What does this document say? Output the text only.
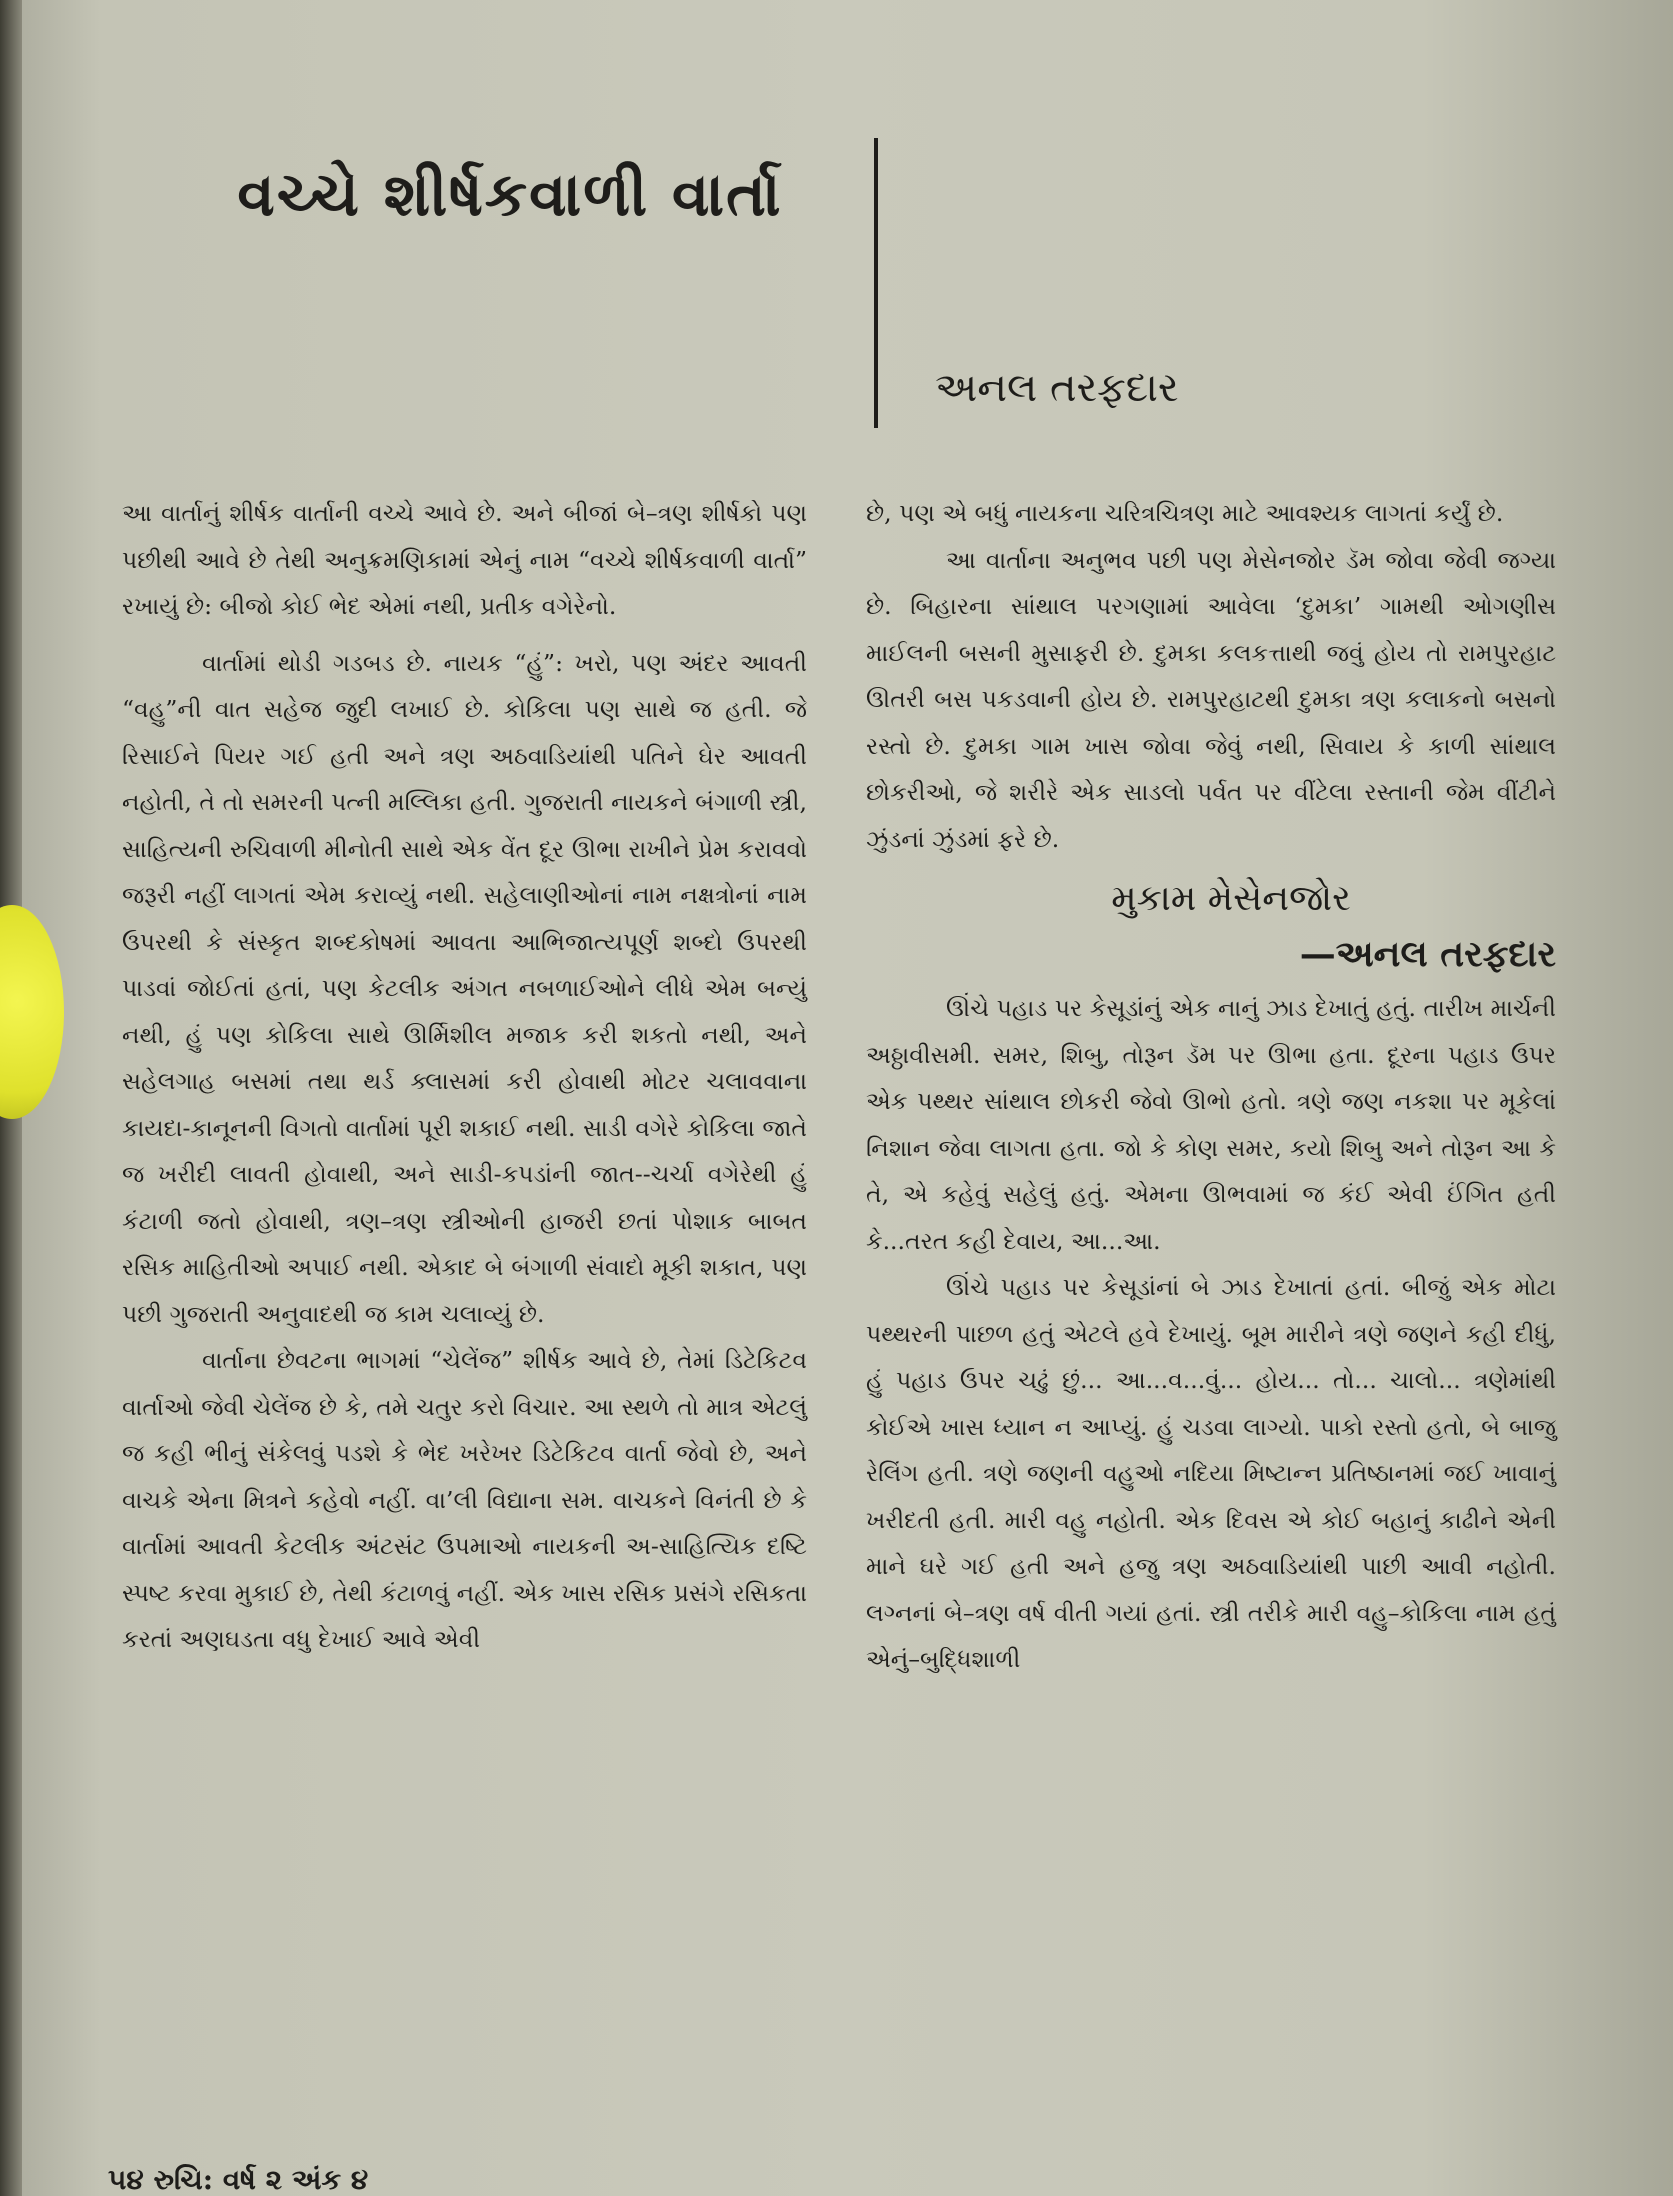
વચ્ચે શીર્ષકવાળી વાર્તા
અનલ તરફદાર

આ વાર્તાનું શીર્ષક વાર્તાની વચ્ચે આવે છે. અને બીજાં બે–ત્રણ શીર્ષકો પણ પછીથી આવે છે તેથી અનુક્રમણિકામાં એનું નામ “વચ્ચે શીર્ષકવાળી વાર્તા” રખાયું છે: બીજો કોઈ ભેદ એમાં નથી, પ્રતીક વગેરેનો.

વાર્તામાં થોડી ગડબડ છે. નાયક “હું”: ખરો, પણ અંદર આવતી “વહુ”ની વાત સહેજ જુદી લખાઈ છે. કોકિલા પણ સાથે જ હતી. જે રિસાઈને પિયર ગઈ હતી અને ત્રણ અઠવાડિયાંથી પતિને ઘેર આવતી નહોતી, તે તો સમરની પત્ની મલ્લિકા હતી. ગુજરાતી નાયકને બંગાળી સ્ત્રી, સાહિત્યની રુચિવાળી મીનોતી સાથે એક વેંત દૂર ઊભા રાખીને પ્રેમ કરાવવો જરૂરી નહીં લાગતાં એમ કરાવ્યું નથી. સહેલાણીઓનાં નામ નક્ષત્રોનાં નામ ઉપરથી કે સંસ્કૃત શબ્દકોષમાં આવતા આભિજાત્યપૂર્ણ શબ્દો ઉપરથી પાડવાં જોઈતાં હતાં, પણ કેટલીક અંગત નબળાઈઓને લીધે એમ બન્યું નથી, હું પણ કોકિલા સાથે ઊર્મિશીલ મજાક કરી શકતો નથી, અને સહેલગાહ બસમાં તથા થર્ડ ક્લાસમાં કરી હોવાથી મોટર ચલાવવાના કાયદા-કાનૂનની વિગતો વાર્તામાં પૂરી શકાઈ નથી. સાડી વગેરે કોકિલા જાતે જ ખરીદી લાવતી હોવાથી, અને સાડી-કપડાંની જાત--ચર્ચા વગેરેથી હું કંટાળી જતો હોવાથી, ત્રણ–ત્રણ સ્ત્રીઓની હાજરી છતાં પોશાક બાબત રસિક માહિતીઓ અપાઈ નથી. એકાદ બે બંગાળી સંવાદો મૂકી શકાત, પણ પછી ગુજરાતી અનુવાદથી જ કામ ચલાવ્યું છે.

વાર્તાના છેવટના ભાગમાં “ચેલેંજ” શીર્ષક આવે છે, તેમાં ડિટેકિટવ વાર્તાઓ જેવી ચેલેંજ છે કે, તમે ચતુર કરો વિચાર. આ સ્થળે તો માત્ર એટલું જ કહી ભીનું સંકેલવું પડશે કે ભેદ ખરેખર ડિટેકિટવ વાર્તા જેવો છે, અને વાચકે એના મિત્રને કહેવો નહીં. વા’લી વિદ્યાના સમ. વાચકને વિનંતી છે કે વાર્તામાં આવતી કેટલીક અંટસંટ ઉપમાઓ નાયકની અ-સાહિત્યિક દષ્ટિ સ્પષ્ટ કરવા મુકાઈ છે, તેથી કંટાળવું નહીં. એક ખાસ રસિક પ્રસંગે રસિકતા કરતાં અણઘડતા વધુ દેખાઈ આવે એવી

છે, પણ એ બધું નાયકના ચરિત્રચિત્રણ માટે આવશ્યક લાગતાં કર્યું છે.

આ વાર્તાના અનુભવ પછી પણ મેસેનજોર ડૅમ જોવા જેવી જગ્યા છે. બિહારના સાંથાલ પરગણામાં આવેલા ‘દુમકા’ ગામથી ઓગણીસ માઈલની બસની મુસાફરી છે. દુમકા કલકત્તાથી જવું હોય તો રામપુરહાટ ઊતરી બસ પકડવાની હોય છે. રામપુરહાટથી દુમકા ત્રણ કલાકનો બસનો રસ્તો છે. દુમકા ગામ ખાસ જોવા જેવું નથી, સિવાય કે કાળી સાંથાલ છોકરીઓ, જે શરીરે એક સાડલો પર્વત પર વીંટેલા રસ્તાની જેમ વીંટીને ઝુંડનાં ઝુંડમાં ફરે છે.

મુકામ મેસેનજોર
—અનલ તરફદાર

ઊંચે પહાડ પર કેસૂડાંનું એક નાનું ઝાડ દેખાતું હતું. તારીખ માર્ચની અઠ્ઠાવીસમી. સમર, શિબુ, તોરૂન ડૅમ પર ઊભા હતા. દૂરના પહાડ ઉપર એક પથ્થર સાંથાલ છોકરી જેવો ઊભો હતો. ત્રણે જણ નકશા પર મૂકેલાં નિશાન જેવા લાગતા હતા. જો કે કોણ સમર, કયો શિબુ અને તોરૂન આ કે તે, એ કહેવું સહેલું હતું. એમના ઊભવામાં જ કંઈ એવી ઈંગિત હતી કે...તરત કહી દેવાય, આ...આ.

ઊંચે પહાડ પર કેસૂડાંનાં બે ઝાડ દેખાતાં હતાં. બીજું એક મોટા પથ્થરની પાછળ હતું એટલે હવે દેખાયું. બૂમ મારીને ત્રણે જણને કહી દીધું, હું પહાડ ઉપર ચઢું છું... આ...વ...વું... હોય... તો... ચાલો... ત્રણેમાંથી કોઈએ ખાસ ધ્યાન ન આપ્યું. હું ચડવા લાગ્યો. પાકો રસ્તો હતો, બે બાજુ રેલિંગ હતી. ત્રણે જણની વહુઓ નદિયા મિષ્ટાન્ન પ્રતિષ્ઠાનમાં જઈ ખાવાનું ખરીદતી હતી. મારી વહુ નહોતી. એક દિવસ એ કોઈ બહાનું કાઢીને એની માને ઘરે ગઈ હતી અને હજુ ત્રણ અઠવાડિયાંથી પાછી આવી નહોતી. લગ્નનાં બે–ત્રણ વર્ષ વીતી ગયાં હતાં. સ્ત્રી તરીકે મારી વહુ–કોકિલા નામ હતું એનું–બુદ્ધિશાળી

૫૪ રુચિ: વર્ષ ૨ અંક ૪
